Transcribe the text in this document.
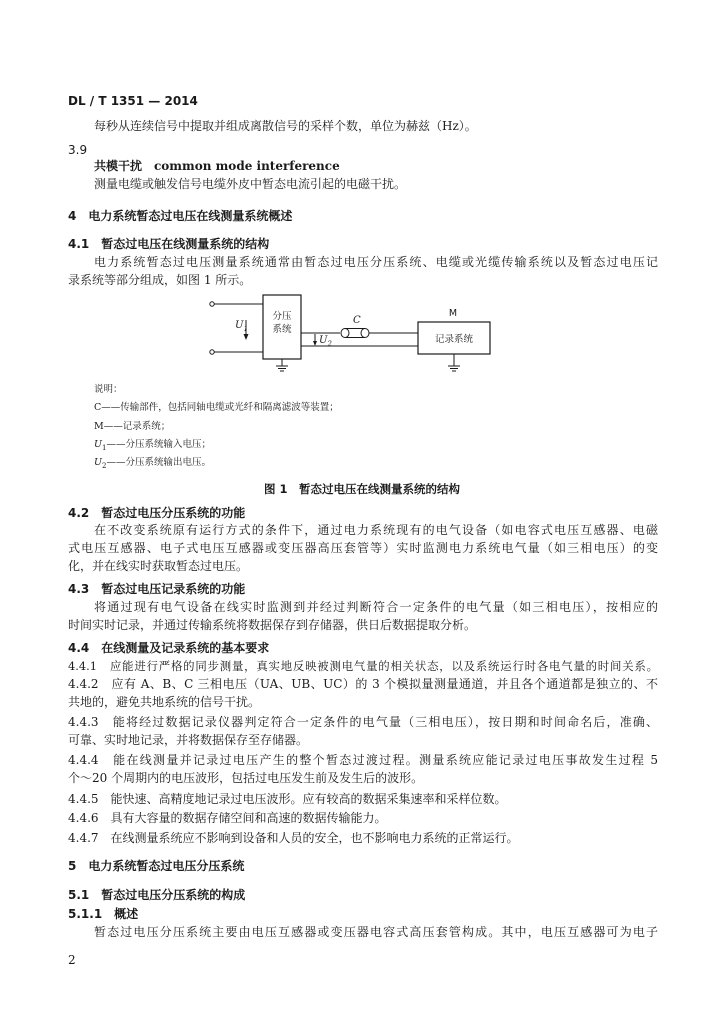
DL / T 1351 — 2014
每秒从连续信号中提取并组成离散信号的采样个数，单位为赫兹（Hz）。
3.9
共模干扰　common mode interference
测量电缆或触发信号电缆外皮中暂态电流引起的电磁干扰。
4　电力系统暂态过电压在线测量系统概述
4.1　暂态过电压在线测量系统的结构
电力系统暂态过电压测量系统通常由暂态过电压分压系统、电缆或光缆传输系统以及暂态过电压记
录系统等部分组成，如图 1 所示。
$U_1$
分压
系统
$U_2$
C
M
记录系统
说明：
C——传输部件，包括同轴电缆或光纤和隔离滤波等装置；
M——记录系统；
$U_1——$分压系统输入电压；
$U_2——$分压系统输出电压。
图 1　暂态过电压在线测量系统的结构
4.2　暂态过电压分压系统的功能
在不改变系统原有运行方式的条件下，通过电力系统现有的电气设备（如电容式电压互感器、电磁
式电压互感器、电子式电压互感器或变压器高压套管等）实时监测电力系统电气量（如三相电压）的变
化，并在线实时获取暂态过电压。
4.3　暂态过电压记录系统的功能
将通过现有电气设备在线实时监测到并经过判断符合一定条件的电气量（如三相电压），按相应的
时间实时记录，并通过传输系统将数据保存到存储器，供日后数据提取分析。
4.4　在线测量及记录系统的基本要求
4.4.1　应能进行严格的同步测量，真实地反映被测电气量的相关状态，以及系统运行时各电气量的时间关系。
4.4.2　应有 A、B、C 三相电压（UA、UB、UC）的 3 个模拟量测量通道，并且各个通道都是独立的、不
共地的，避免共地系统的信号干扰。
4.4.3　能将经过数据记录仪器判定符合一定条件的电气量（三相电压），按日期和时间命名后，准确、
可靠、实时地记录，并将数据保存至存储器。
4.4.4　能在线测量并记录过电压产生的整个暂态过渡过程。测量系统应能记录过电压事故发生过程 5
个～20 个周期内的电压波形，包括过电压发生前及发生后的波形。
4.4.5　能快速、高精度地记录过电压波形。应有较高的数据采集速率和采样位数。
4.4.6　具有大容量的数据存储空间和高速的数据传输能力。
4.4.7　在线测量系统应不影响到设备和人员的安全，也不影响电力系统的正常运行。
5　电力系统暂态过电压分压系统
5.1　暂态过电压分压系统的构成
5.1.1　概述
暂态过电压分压系统主要由电压互感器或变压器电容式高压套管构成。其中，电压互感器可为电子
2
